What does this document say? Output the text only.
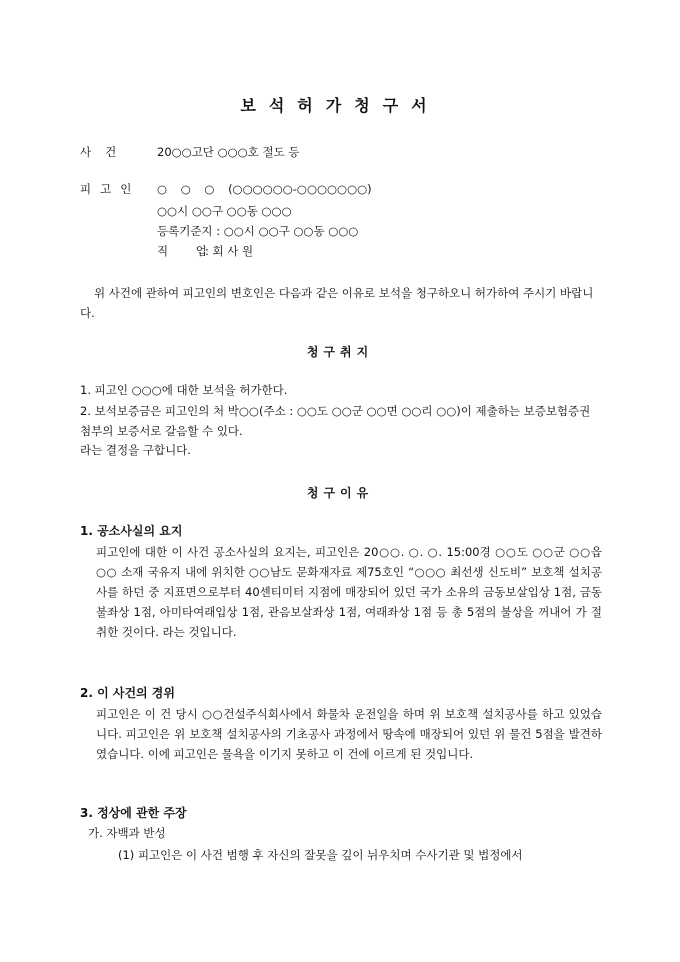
보석허가청구서
사건 20○○고단 ○○○호 절도 등
피고인 ○ ○ ○ (○○○○○○-○○○○○○○)
○○시 ○○구 ○○동 ○○○
등록기준지 : ○○시 ○○구 ○○동 ○○○
직 업
: 회 사 원
위 사건에 관하여 피고인의 변호인은 다음과 같은 이유로 보석을 청구하오니 허가하여 주시기 바랍니다.
청구취지
1. 피고인 ○○○에 대한 보석을 허가한다.
2. 보석보증금은 피고인의 처 박○○(주소 : ○○도 ○○군 ○○면 ○○리 ○○)이 제출하는 보증보험증권 첨부의 보증서로 갈음할 수 있다.
라는 결정을 구합니다.
청구이유
1. 공소사실의 요지
피고인에 대한 이 사건 공소사실의 요지는, 피고인은 20○○. ○. ○. 15:00경 ○○도 ○○군 ○○읍 ○○ 소재 국유지 내에 위치한 ○○남도 문화재자료 제75호인 “○○○ 최선생 신도비” 보호책 설치공사를 하던 중 지표면으로부터 40센티미터 지점에 매장되어 있던 국가 소유의 금동보살입상 1점, 금동불좌상 1점, 아미타여래입상 1점, 관음보살좌상 1점, 여래좌상 1점 등 총 5점의 불상을 꺼내어 가 절취한 것이다. 라는 것입니다.
2. 이 사건의 경위
피고인은 이 건 당시 ○○건설주식회사에서 화물차 운전일을 하며 위 보호책 설치공사를 하고 있었습니다. 피고인은 위 보호책 설치공사의 기초공사 과정에서 땅속에 매장되어 있던 위 물건 5점을 발견하였습니다. 이에 피고인은 물욕을 이기지 못하고 이 건에 이르게 된 것입니다.
3. 정상에 관한 주장
가. 자백과 반성
(1) 피고인은 이 사건 범행 후 자신의 잘못을 깊이 뉘우치며 수사기관 및 법정에서
